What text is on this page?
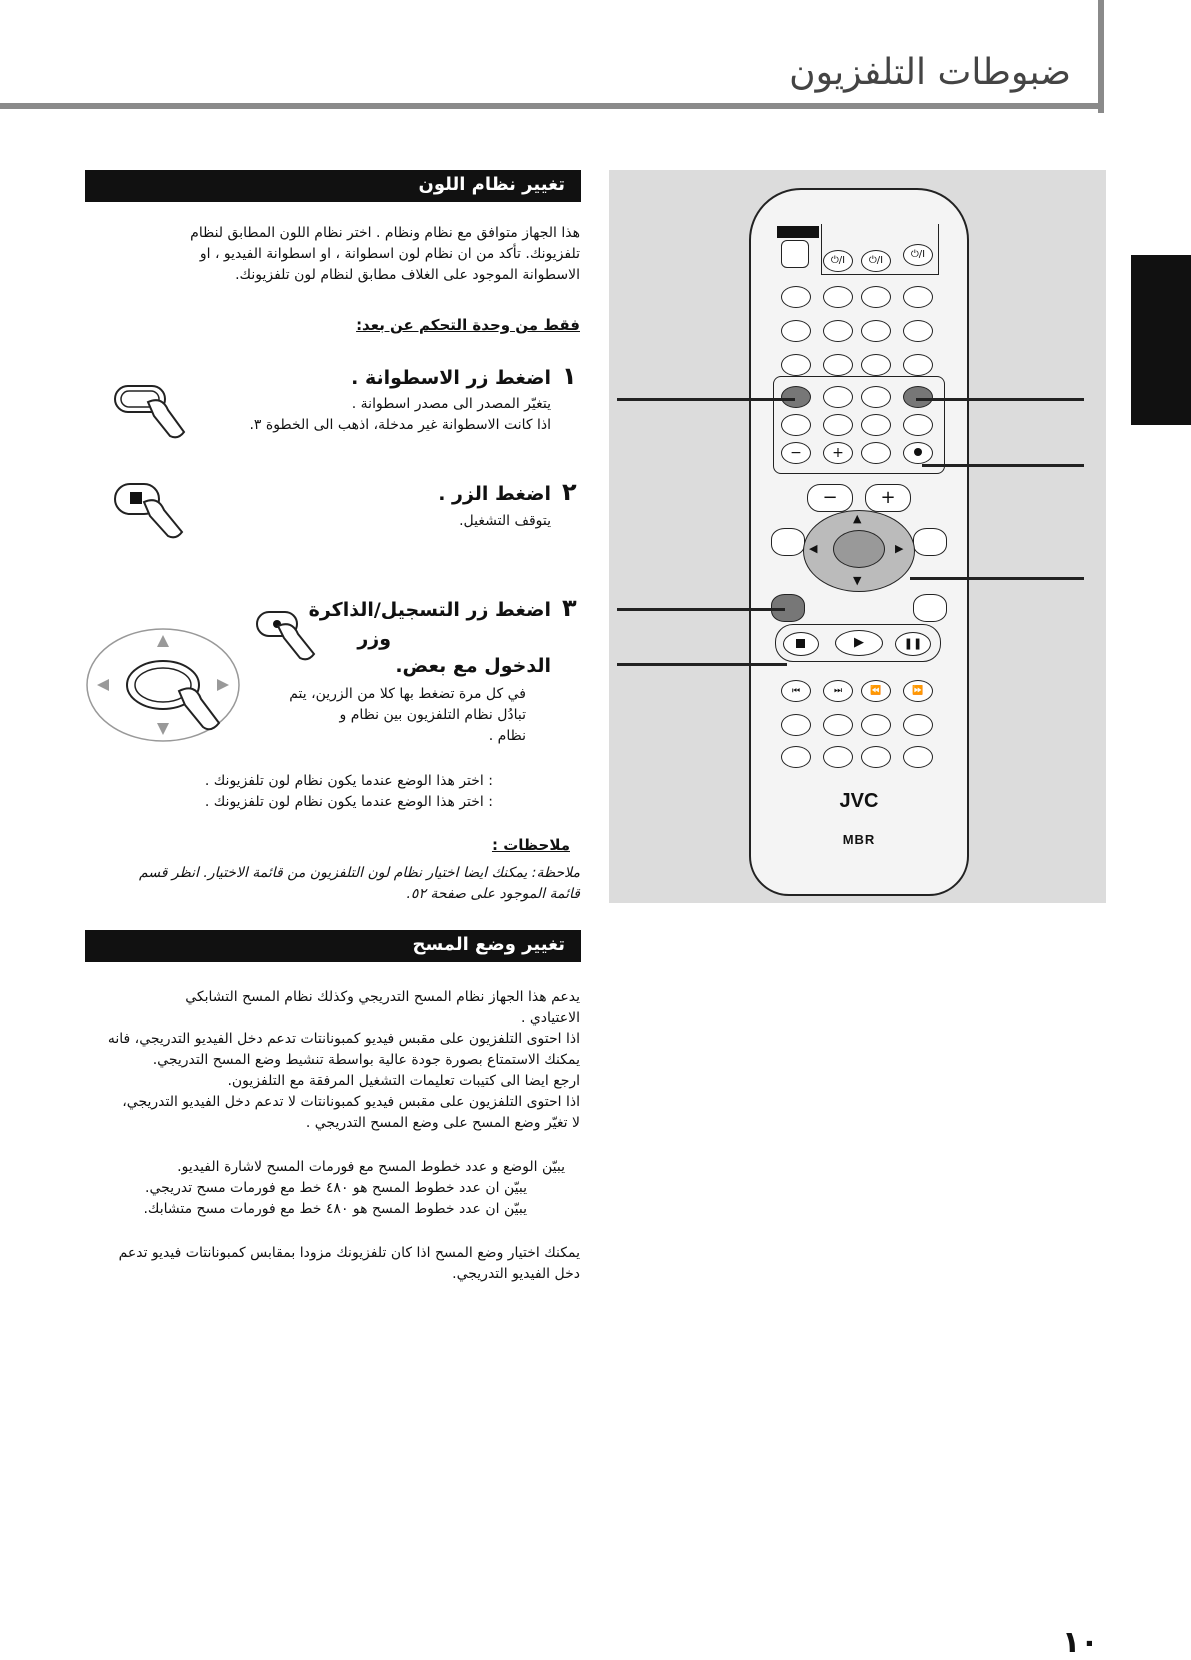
ضبوطات التلفزيون
تغيير نظام اللون
هذا الجهاز متوافق مع نظام ونظام . اختر نظام اللون المطابق لنظام
تلفزيونك. تأكد من ان نظام لون اسطوانة ، او اسطوانة الفيديو ، او
الاسطوانة الموجود على الغلاف مطابق لنظام لون تلفزيونك.
فقط من وحدة التحكم عن بعد:
١
اضغط زر الاسطوانة .
يتغيّر المصدر الى مصدر اسطوانة .
اذا كانت الاسطوانة غير مدخلة، اذهب الى الخطوة ٣.
٢
اضغط الزر .
يتوقف التشغيل.
٣
اضغط زر التسجيل/الذاكرة
وزر
الدخول مع بعض.
في كل مرة تضغط بها كلا من الزرين، يتم
تبادُل نظام التلفزيون بين نظام و
نظام .
: اختر هذا الوضع عندما يكون نظام لون تلفزيونك .
: اختر هذا الوضع عندما يكون نظام لون تلفزيونك .
ملاحظات :
ملاحظة: يمكنك ايضا اختيار نظام لون التلفزيون من قائمة الاختيار. انظر قسم
قائمة الموجود على صفحة ٥٢.
تغيير وضع المسح
يدعم هذا الجهاز نظام المسح التدريجي وكذلك نظام المسح التشابكي
الاعتيادي .
اذا احتوى التلفزيون على مقبس فيديو كمبونانتات تدعم دخل الفيديو التدريجي، فانه
يمكنك الاستمتاع بصورة جودة عالية بواسطة تنشيط وضع المسح التدريجي.
ارجع ايضا الى كتيبات تعليمات التشغيل المرفقة مع التلفزيون.
اذا احتوى التلفزيون على مقبس فيديو كمبونانتات لا تدعم دخل الفيديو التدريجي،
لا تغيّر وضع المسح على وضع المسح التدريجي .
يبيّن الوضع و عدد خطوط المسح مع فورمات المسح لاشارة الفيديو.
يبيّن ان عدد خطوط المسح هو ٤٨٠ خط مع فورمات مسح تدريجي.
يبيّن ان عدد خطوط المسح هو ٤٨٠ خط مع فورمات مسح متشابك.
يمكنك اختيار وضع المسح اذا كان تلفزيونك مزودا بمقابس كمبونانتات فيديو تدعم
دخل الفيديو التدريجي.
⏻/I	⏻/I
⏻/I
−	+
−	+
▲
▼
◀	▶
▶	❚❚
⏮	⏭	⏪	⏩
JVC
MBR
١٠
